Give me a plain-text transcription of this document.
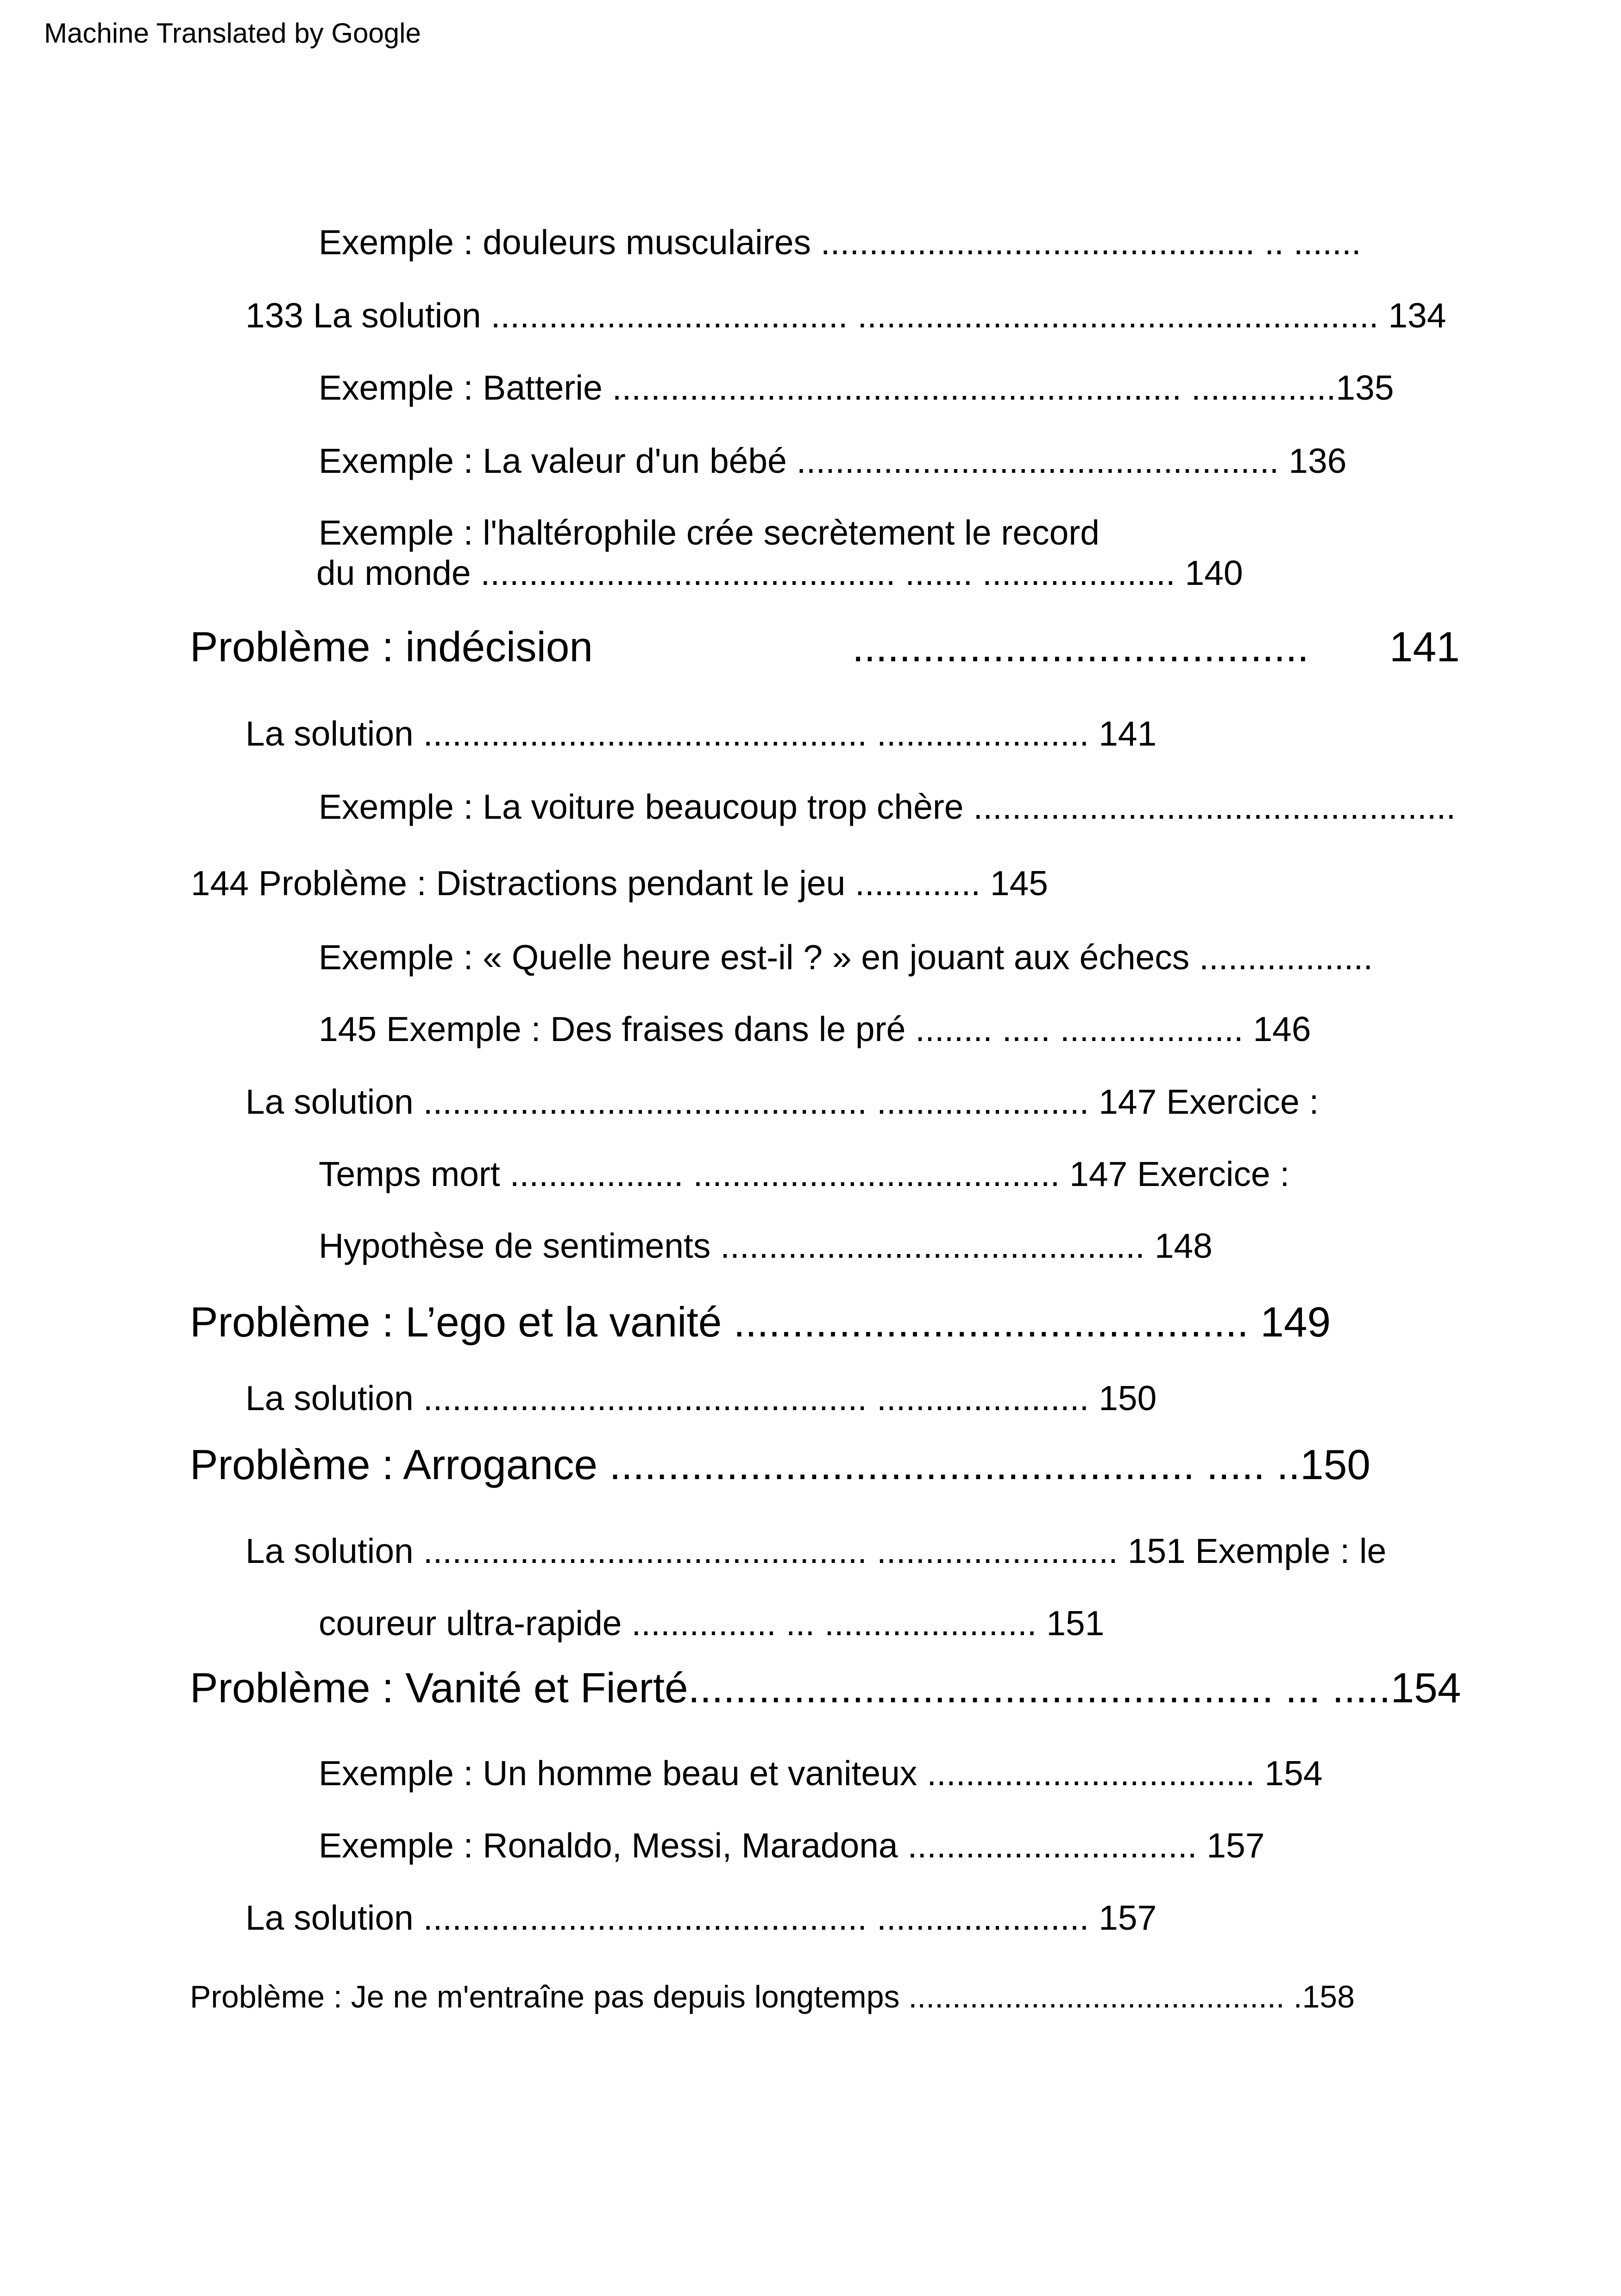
Machine Translated by Google
Exemple : douleurs musculaires ............................................. .. .......
133 La solution ..................................... ...................................................... 134
Exemple : Batterie ........................................................... ...............135
Exemple : La valeur d'un bébé .................................................. 136
Exemple : l'haltérophile crée secrètement le record
du monde ........................................... ....... .................... 140
Problème : indécision	....................................... 141
La solution .............................................. ...................... 141
Exemple : La voiture beaucoup trop chère ..................................................
144 Problème : Distractions pendant le jeu ............. 145
Exemple : « Quelle heure est-il ? » en jouant aux échecs ..................
145 Exemple : Des fraises dans le pré ........ ..... ................... 146
La solution .............................................. ...................... 147 Exercice :
Temps mort .................. ...................................... 147 Exercice :
Hypothèse de sentiments ............................................ 148
Problème : L’ego et la vanité ............................................ 149
La solution .............................................. ...................... 150
Problème : Arrogance .................................................. ..... ..150
La solution .............................................. ......................... 151 Exemple : le
coureur ultra-rapide ............... ... ...................... 151
Problème : Vanité et Fierté.................................................. ... .....154
Exemple : Un homme beau et vaniteux .................................. 154
Exemple : Ronaldo, Messi, Maradona .............................. 157
La solution .............................................. ...................... 157
Problème : Je ne m'entraîne pas depuis longtemps ........................................... .158
